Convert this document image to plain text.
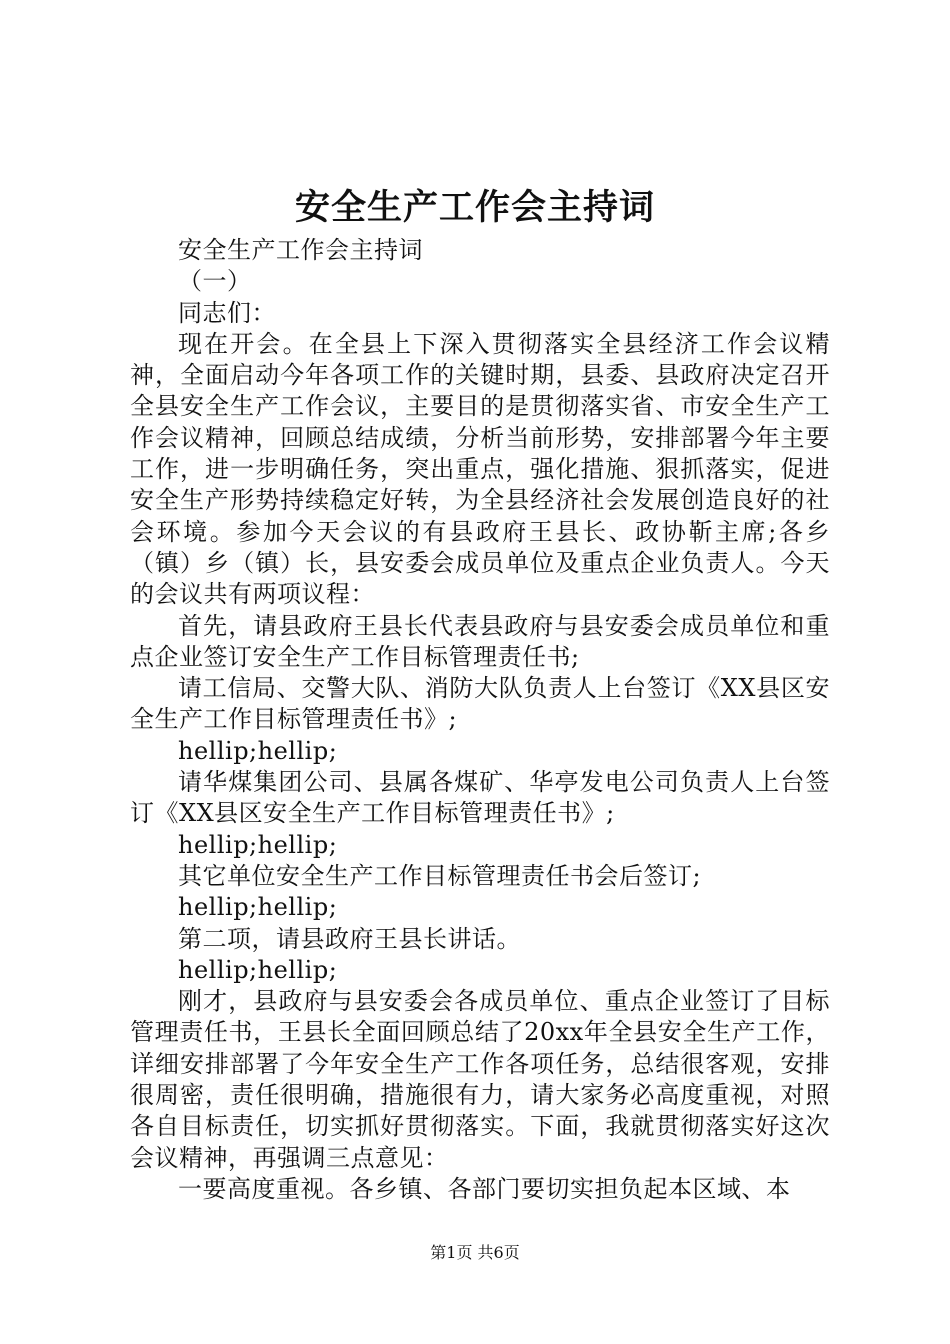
安全生产工作会主持词

安全生产工作会主持词

（一）

同志们：

现在开会。在全县上下深入贯彻落实全县经济工作会议精神，全面启动今年各项工作的关键时期，县委、县政府决定召开全县安全生产工作会议，主要目的是贯彻落实省、市安全生产工作会议精神，回顾总结成绩，分析当前形势，安排部署今年主要工作，进一步明确任务，突出重点，强化措施、狠抓落实，促进安全生产形势持续稳定好转，为全县经济社会发展创造良好的社会环境。参加今天会议的有县政府王县长、政协靳主席;各乡（镇）乡（镇）长，县安委会成员单位及重点企业负责人。今天的会议共有两项议程：

首先，请县政府王县长代表县政府与县安委会成员单位和重点企业签订安全生产工作目标管理责任书;

请工信局、交警大队、消防大队负责人上台签订《XX县区安全生产工作目标管理责任书》;

hellip;hellip;

请华煤集团公司、县属各煤矿、华亭发电公司负责人上台签订《XX县区安全生产工作目标管理责任书》;

hellip;hellip;

其它单位安全生产工作目标管理责任书会后签订;

hellip;hellip;

第二项，请县政府王县长讲话。

hellip;hellip;

刚才，县政府与县安委会各成员单位、重点企业签订了目标管理责任书，王县长全面回顾总结了20xx年全县安全生产工作，详细安排部署了今年安全生产工作各项任务，总结很客观，安排很周密，责任很明确，措施很有力，请大家务必高度重视，对照各自目标责任，切实抓好贯彻落实。下面，我就贯彻落实好这次会议精神，再强调三点意见：

一要高度重视。各乡镇、各部门要切实担负起本区域、本

第1页 共6页
